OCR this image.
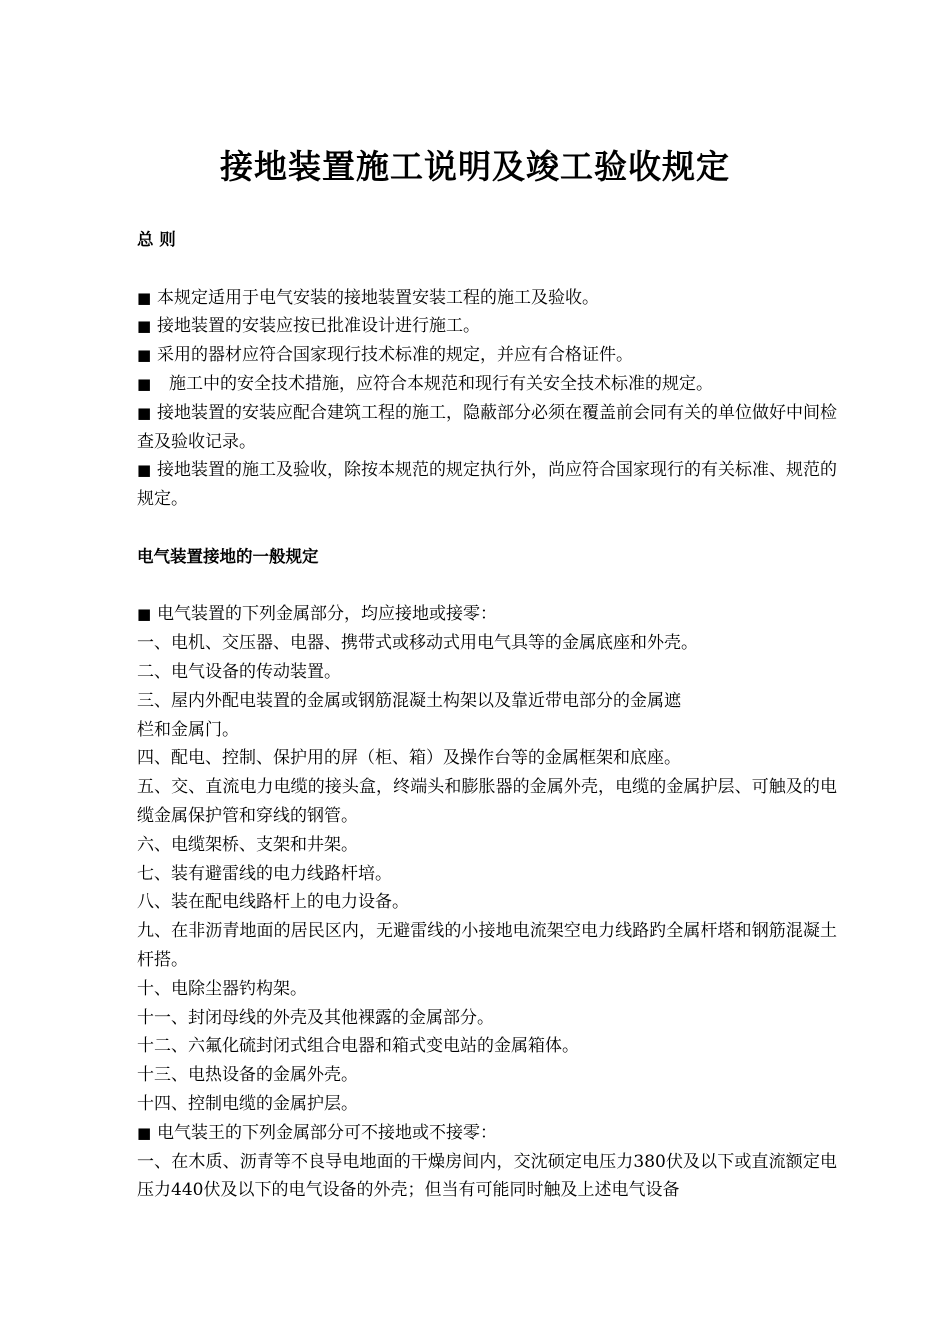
接地装置施工说明及竣工验收规定
总 则
■ 本规定适用于电气安装的接地装置安装工程的施工及验收。
■ 接地装置的安装应按已批准设计进行施工。
■ 采用的器材应符合国家现行技术标准的规定，并应有合格证件。
■ 施工中的安全技术措施，应符合本规范和现行有关安全技术标准的规定。
■ 接地装置的安装应配合建筑工程的施工，隐蔽部分必须在覆盖前会同有关的单位做好中间检查及验收记录。
■ 接地装置的施工及验收，除按本规范的规定执行外，尚应符合国家现行的有关标准、规范的规定。
电气装置接地的一般规定
■ 电气装置的下列金属部分，均应接地或接零：
一、电机、交压器、电器、携带式或移动式用电气具等的金属底座和外壳。
二、电气设备的传动装置。
三、屋内外配电装置的金属或钢筋混凝土构架以及靠近带电部分的金属遮
栏和金属门。
四、配电、控制、保护用的屏（柜、箱）及操作台等的金属框架和底座。
五、交、直流电力电缆的接头盒，终端头和膨胀器的金属外壳，电缆的金属护层、可触及的电缆金属保护管和穿线的钢管。
六、电缆架桥、支架和井架。
七、装有避雷线的电力线路杆培。
八、装在配电线路杆上的电力设备。
九、在非沥青地面的居民区内，无避雷线的小接地电流架空电力线路趵全属杆塔和钢筋混凝土杆搭。
十、电除尘器钓构架。
十一、封闭母线的外壳及其他裸露的金属部分。
十二、六氟化硫封闭式组合电器和箱式变电站的金属箱体。
十三、电热设备的金属外壳。
十四、控制电缆的金属护层。
■ 电气装王的下列金属部分可不接地或不接零：
一、在木质、沥青等不良导电地面的干燥房间内，交沈硕定电压力380伏及以下或直流额定电压力440伏及以下的电气设备的外壳；但当有可能同时触及上述电气设备
